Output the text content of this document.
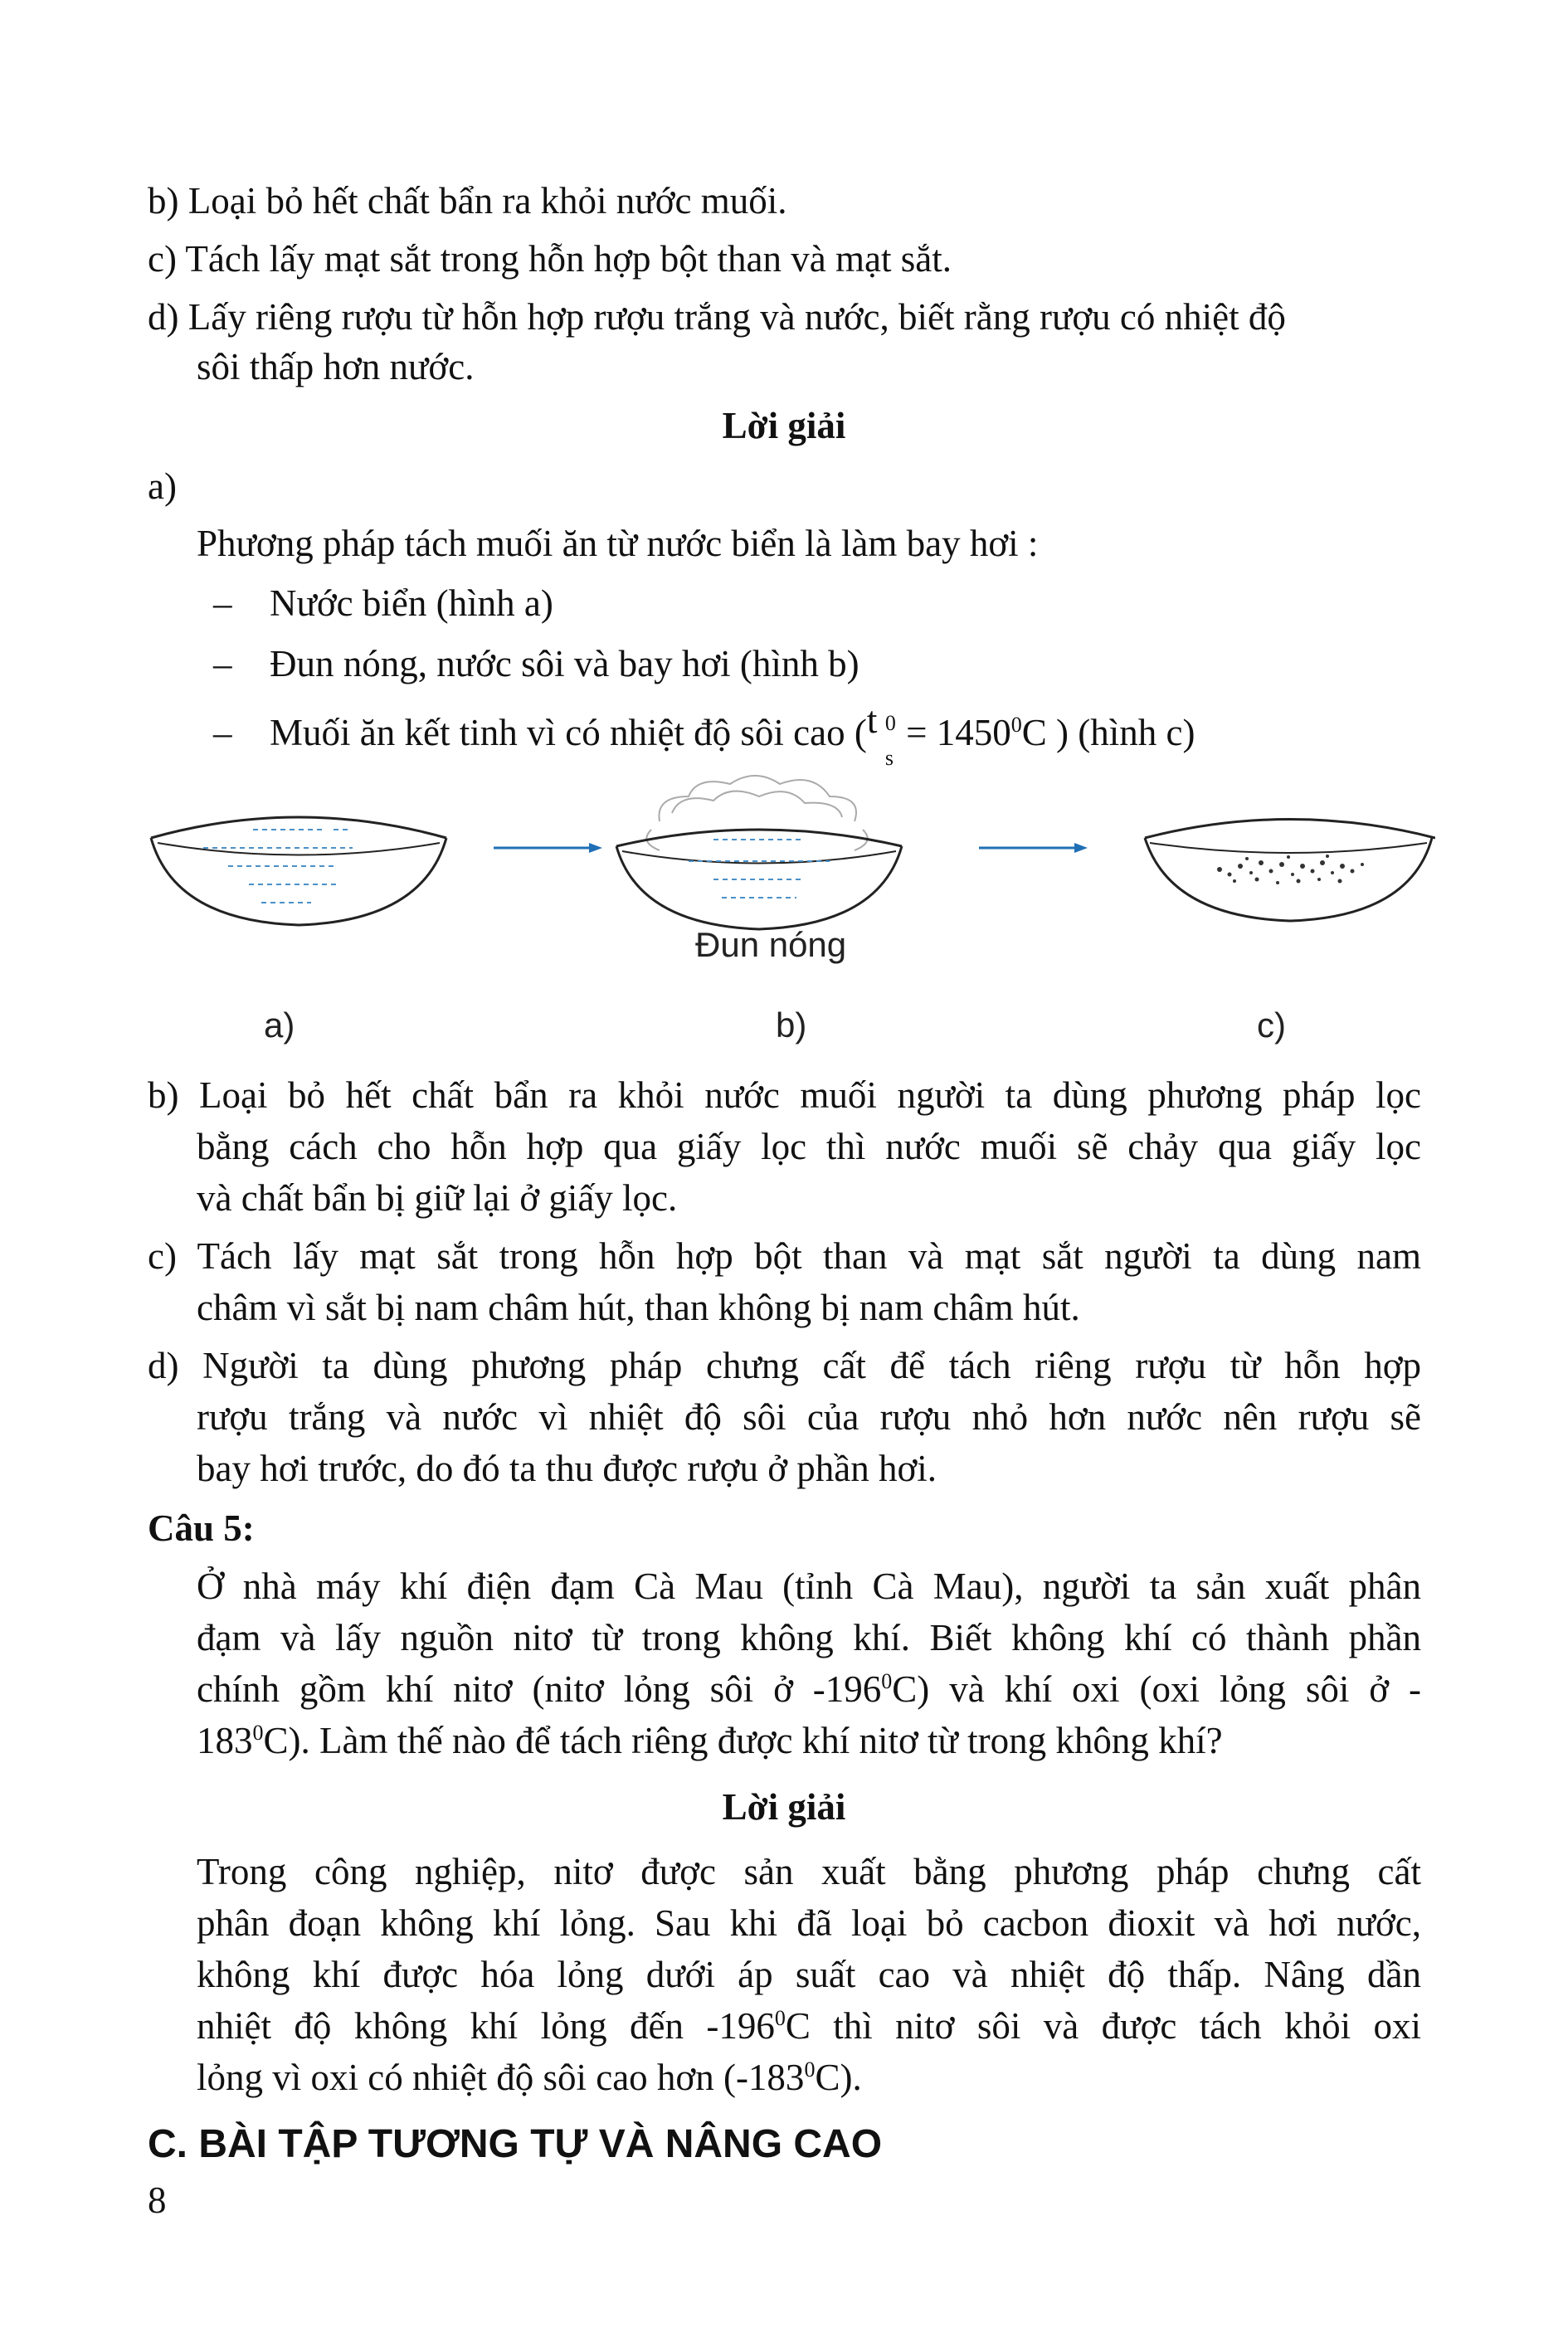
b) Loại bỏ hết chất bẩn ra khỏi nước muối.
c) Tách lấy mạt sắt trong hỗn hợp bột than và mạt sắt.
d) Lấy riêng rượu từ hỗn hợp rượu trắng và nước, biết rằng rượu có nhiệt độ
sôi thấp hơn nước.
Lời giải
a)
Phương pháp tách muối ăn từ nước biển là làm bay hơi :
– Nước biển (hình a)
– Đun nóng, nước sôi và bay hơi (hình b)
– Muối ăn kết tinh vì có nhiệt độ sôi cao ( t 0
s
= $1450^0C$ ) (hình c)
Đun nóng
a)	b)	c)
b) Loại bỏ hết chất bẩn ra khỏi nước muối người ta dùng phương pháp lọc
bằng cách cho hỗn hợp qua giấy lọc thì nước muối sẽ chảy qua giấy lọc
và chất bẩn bị giữ lại ở giấy lọc.
c) Tách lấy mạt sắt trong hỗn hợp bột than và mạt sắt người ta dùng nam
châm vì sắt bị nam châm hút, than không bị nam châm hút.
d) Người ta dùng phương pháp chưng cất để tách riêng rượu từ hỗn hợp
rượu trắng và nước vì nhiệt độ sôi của rượu nhỏ hơn nước nên rượu sẽ
bay hơi trước, do đó ta thu được rượu ở phần hơi.
Câu 5:
Ở nhà máy khí điện đạm Cà Mau (tỉnh Cà Mau), người ta sản xuất phân
đạm và lấy nguồn nitơ từ trong không khí. Biết không khí có thành phần
chính gồm khí nitơ (nitơ lỏng sôi ở $-196^0C$) và khí oxi (oxi lỏng sôi ở -
$183^0C$). Làm thế nào để tách riêng được khí nitơ từ trong không khí?
Lời giải
Trong công nghiệp, nitơ được sản xuất bằng phương pháp chưng cất
phân đoạn không khí lỏng. Sau khi đã loại bỏ cacbon đioxit và hơi nước,
không khí được hóa lỏng dưới áp suất cao và nhiệt độ thấp. Nâng dần
nhiệt độ không khí lỏng đến $-196^0C$ thì nitơ sôi và được tách khỏi oxi
lỏng vì oxi có nhiệt độ sôi cao hơn $(-183^0C)$.
C. BÀI TẬP TƯƠNG TỰ VÀ NÂNG CAO
8
